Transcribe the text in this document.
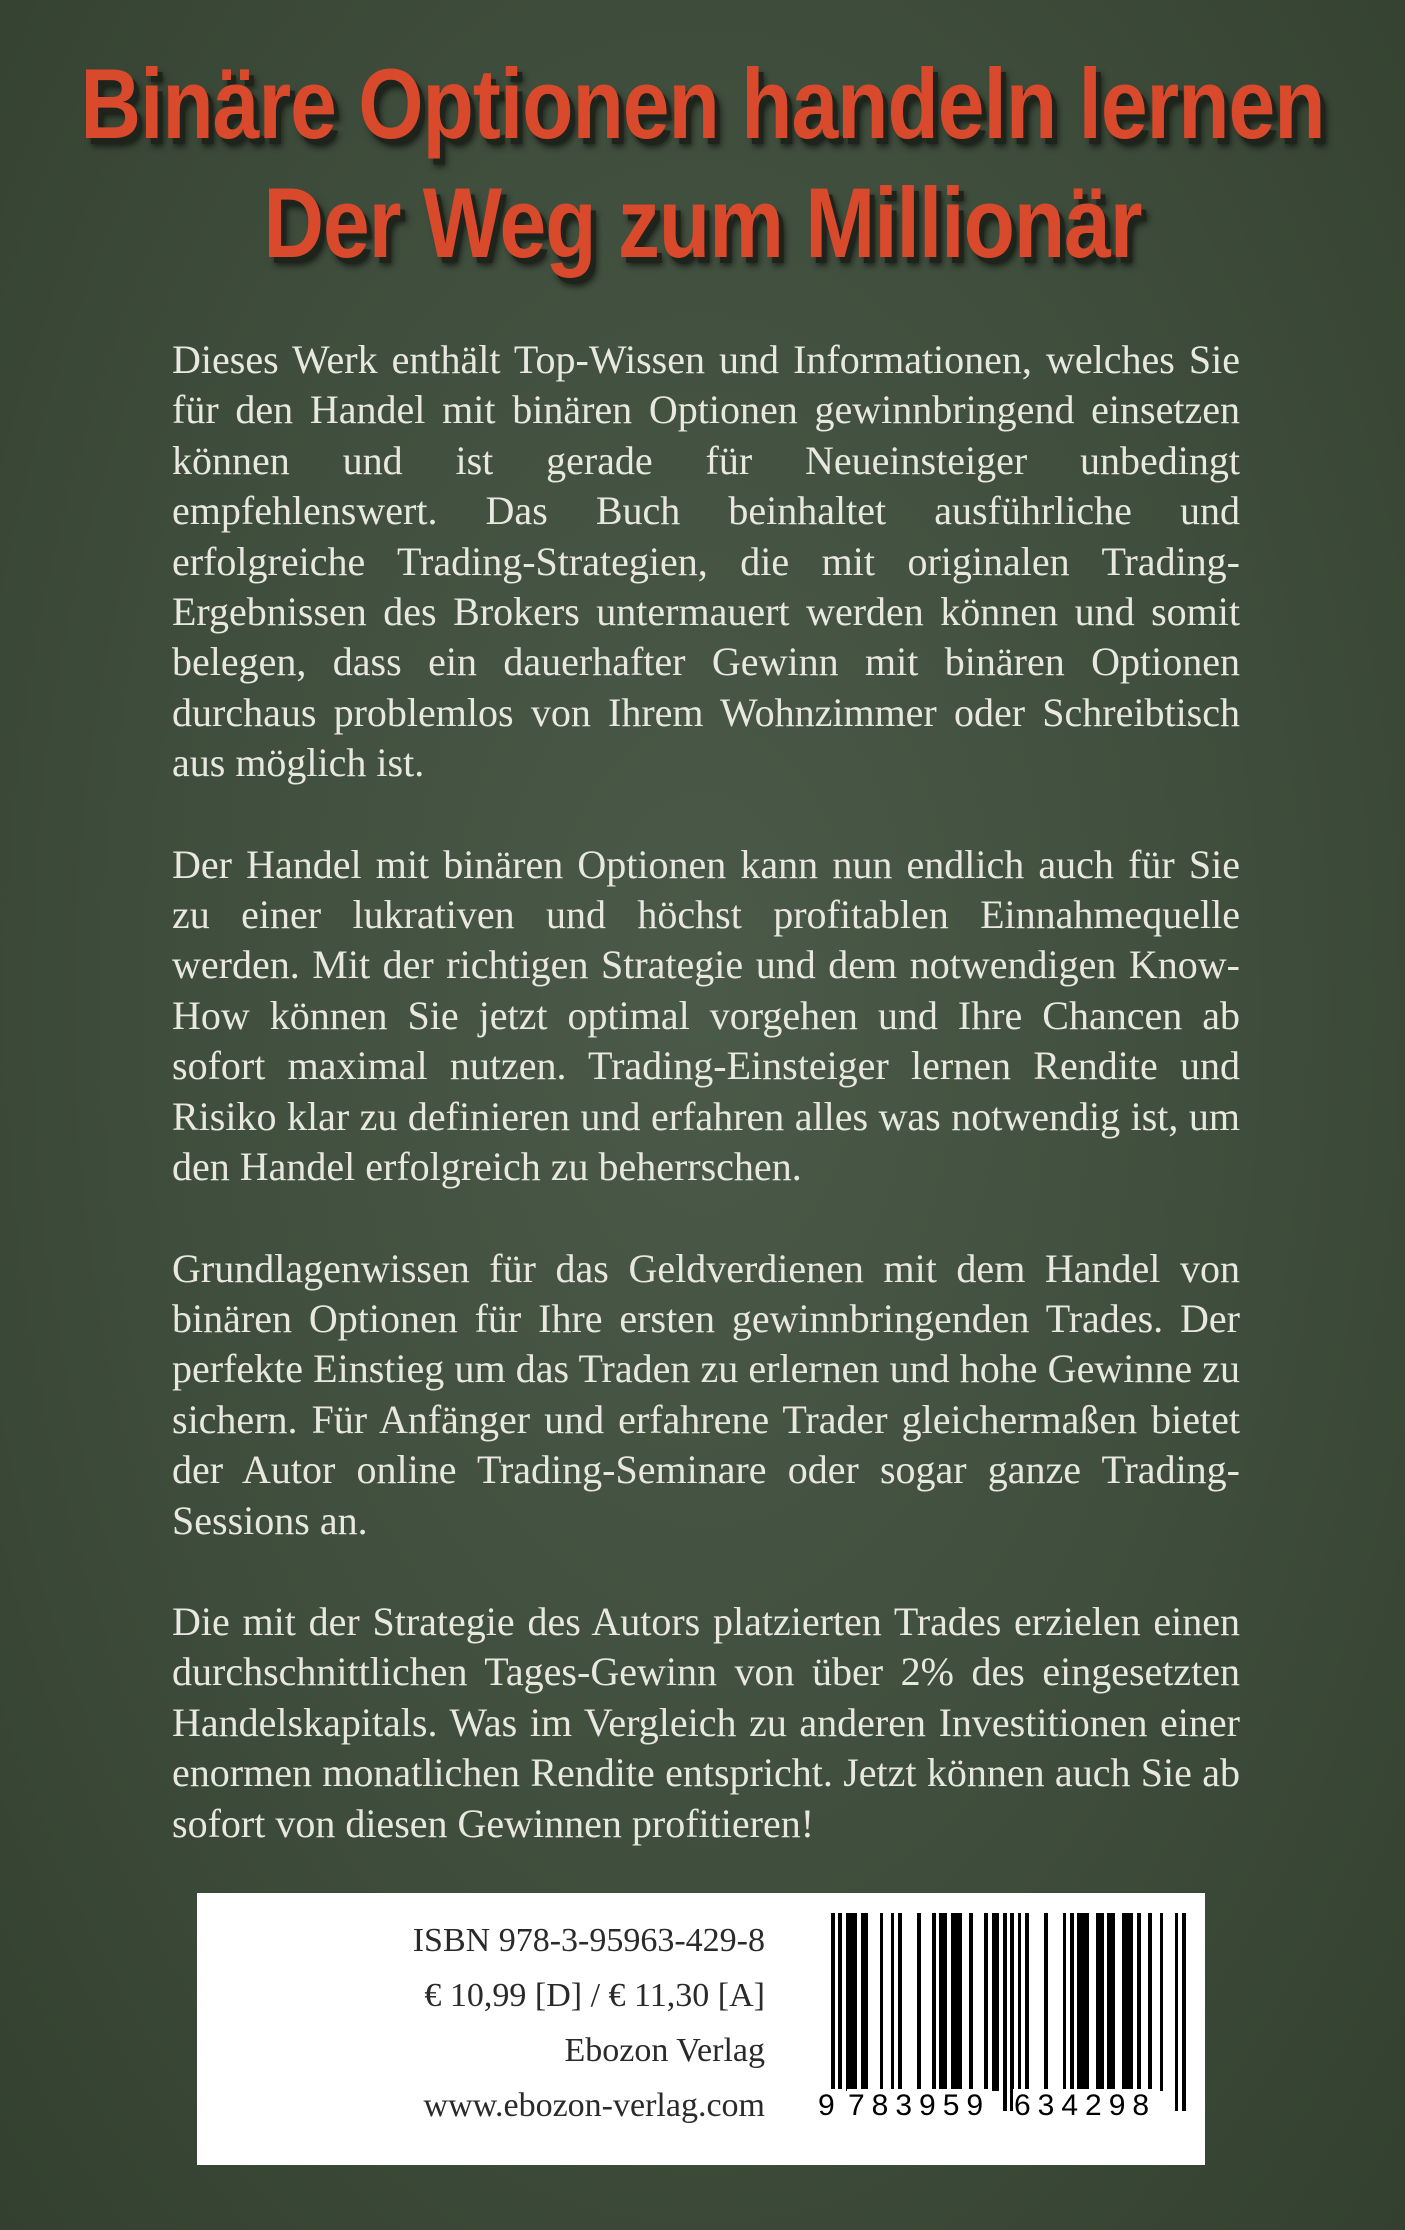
Binäre Optionen handeln lernen
Der Weg zum Millionär

Dieses Werk enthält Top-Wissen und Informationen, welches Sie für den Handel mit binären Optionen gewinnbringend einsetzen können und ist gerade für Neueinsteiger unbedingt empfehlenswert. Das Buch beinhaltet ausführliche und erfolgreiche Trading-Strategien, die mit originalen Trading-Ergebnissen des Brokers untermauert werden können und somit belegen, dass ein dauerhafter Gewinn mit binären Optionen durchaus problemlos von Ihrem Wohnzimmer oder Schreibtisch aus möglich ist.

Der Handel mit binären Optionen kann nun endlich auch für Sie zu einer lukrativen und höchst profitablen Einnahmequelle werden. Mit der richtigen Strategie und dem notwendigen Know-How können Sie jetzt optimal vorgehen und Ihre Chancen ab sofort maximal nutzen. Trading-Einsteiger lernen Rendite und Risiko klar zu definieren und erfahren alles was notwendig ist, um den Handel erfolgreich zu beherrschen.

Grundlagenwissen für das Geldverdienen mit dem Handel von binären Optionen für Ihre ersten gewinnbringenden Trades. Der perfekte Einstieg um das Traden zu erlernen und hohe Gewinne zu sichern. Für Anfänger und erfahrene Trader gleichermaßen bietet der Autor online Trading-Seminare oder sogar ganze Trading-Sessions an.

Die mit der Strategie des Autors platzierten Trades erzielen einen durchschnittlichen Tages-Gewinn von über 2% des eingesetzten Handelskapitals. Was im Vergleich zu anderen Investitionen einer enormen monatlichen Rendite entspricht. Jetzt können auch Sie ab sofort von diesen Gewinnen profitieren!

ISBN 978-3-95963-429-8
€ 10,99 [D] / € 11,30 [A]
Ebozon Verlag
www.ebozon-verlag.com 9 783959 634298
